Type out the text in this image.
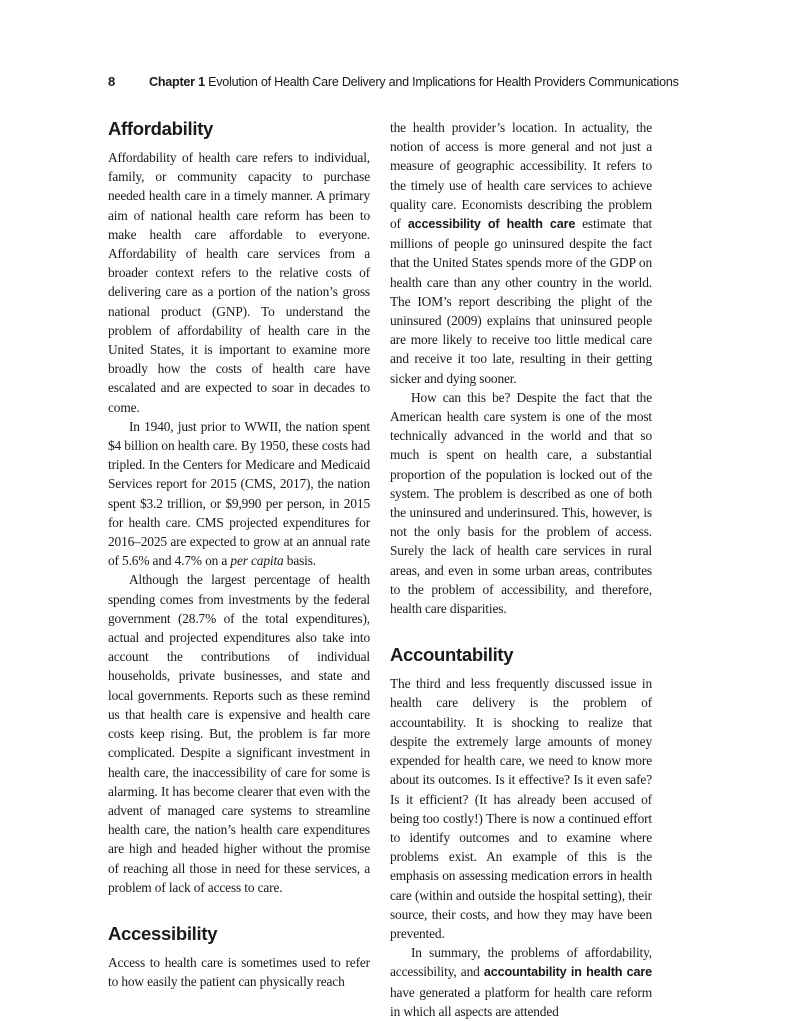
8	Chapter 1 Evolution of Health Care Delivery and Implications for Health Providers Communications
Affordability

Affordability of health care refers to individual, family, or community capacity to purchase needed health care in a timely manner. A primary aim of national health care reform has been to make health care affordable to everyone. Affordability of health care services from a broader context refers to the relative costs of delivering care as a portion of the nation’s gross national product (GNP). To understand the problem of affordability of health care in the United States, it is important to examine more broadly how the costs of health care have escalated and are expected to soar in decades to come.

In 1940, just prior to WWII, the nation spent $4 billion on health care. By 1950, these costs had tripled. In the Centers for Medicare and Medicaid Services report for 2015 (CMS, 2017), the nation spent $3.2 trillion, or $9,990 per person, in 2015 for health care. CMS projected expenditures for 2016–2025 are expected to grow at an annual rate of 5.6% and 4.7% on a per capita basis.

Although the largest percentage of health spending comes from investments by the federal government (28.7% of the total expenditures), actual and projected expenditures also take into account the contributions of individual households, private businesses, and state and local governments. Reports such as these remind us that health care is expensive and health care costs keep rising. But, the problem is far more complicated. Despite a significant investment in health care, the inaccessibility of care for some is alarming. It has become clearer that even with the advent of managed care systems to streamline health care, the nation’s health care expenditures are high and headed higher without the promise of reaching all those in need for these services, a problem of lack of access to care.

Accessibility

Access to health care is sometimes used to refer to how easily the patient can physically reach

the health provider’s location. In actuality, the notion of access is more general and not just a measure of geographic accessibility. It refers to the timely use of health care services to achieve quality care. Economists describing the problem of accessibility of health care estimate that millions of people go uninsured despite the fact that the United States spends more of the GDP on health care than any other country in the world. The IOM’s report describing the plight of the uninsured (2009) explains that uninsured people are more likely to receive too little medical care and receive it too late, resulting in their getting sicker and dying sooner.

How can this be? Despite the fact that the American health care system is one of the most technically advanced in the world and that so much is spent on health care, a substantial proportion of the population is locked out of the system. The problem is described as one of both the uninsured and underinsured. This, however, is not the only basis for the problem of access. Surely the lack of health care services in rural areas, and even in some urban areas, contributes to the problem of accessibility, and therefore, health care disparities.

Accountability

The third and less frequently discussed issue in health care delivery is the problem of accountability. It is shocking to realize that despite the extremely large amounts of money expended for health care, we need to know more about its outcomes. Is it effective? Is it even safe? Is it efficient? (It has already been accused of being too costly!) There is now a continued effort to identify outcomes and to examine where problems exist. An example of this is the emphasis on assessing medication errors in health care (within and outside the hospital setting), their source, their costs, and how they may have been prevented.

In summary, the problems of affordability, accessibility, and accountability in health care have generated a platform for health care reform in which all aspects are attended
